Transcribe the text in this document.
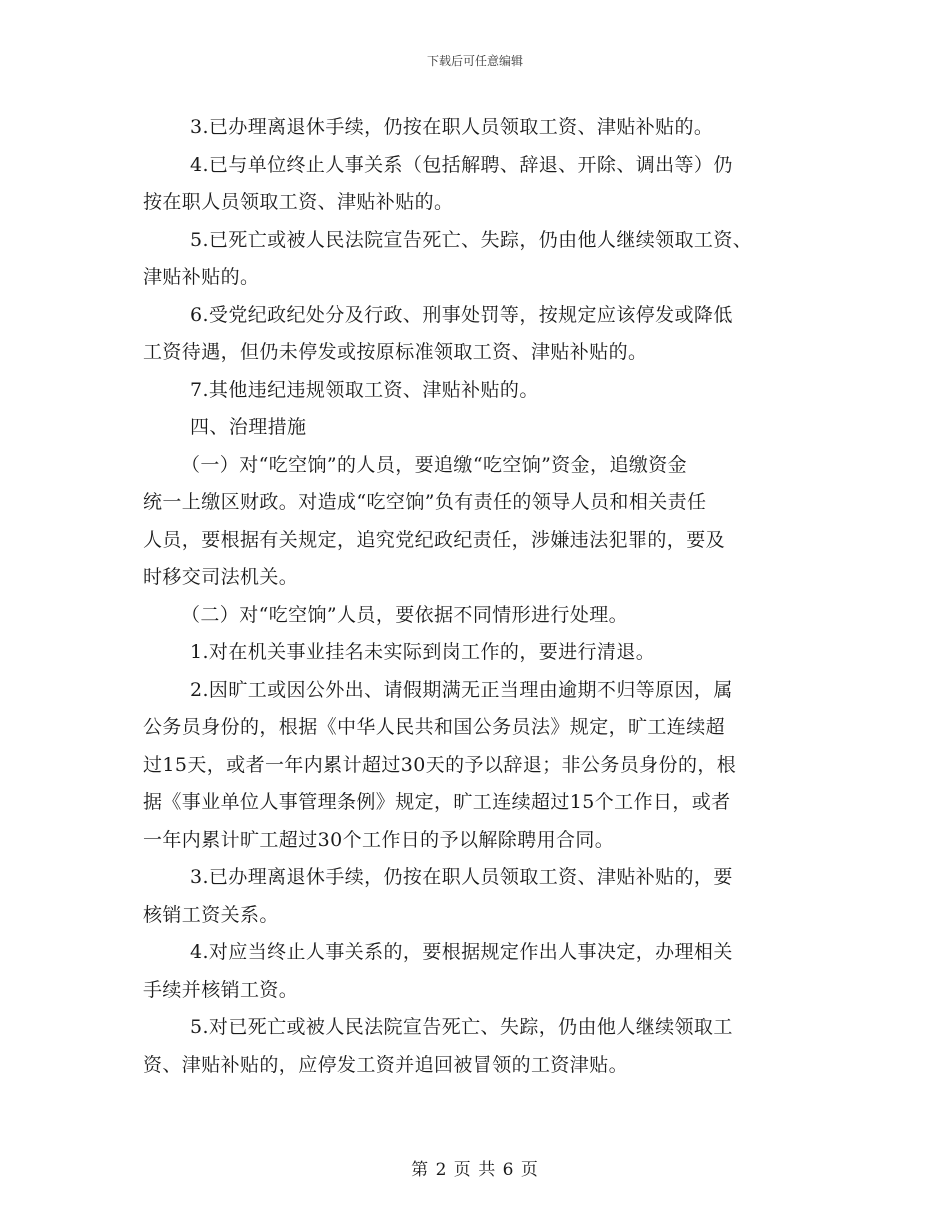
下载后可任意编辑

3.已办理离退休手续，仍按在职人员领取工资、津贴补贴的。

4.已与单位终止人事关系（包括解聘、辞退、开除、调出等）仍

按在职人员领取工资、津贴补贴的。

5.已死亡或被人民法院宣告死亡、失踪，仍由他人继续领取工资、

津贴补贴的。

6.受党纪政纪处分及行政、刑事处罚等，按规定应该停发或降低

工资待遇，但仍未停发或按原标准领取工资、津贴补贴的。

7.其他违纪违规领取工资、津贴补贴的。

四、治理措施

（一）对“吃空饷”的人员，要追缴“吃空饷”资金，追缴资金

统一上缴区财政。对造成“吃空饷”负有责任的领导人员和相关责任

人员，要根据有关规定，追究党纪政纪责任，涉嫌违法犯罪的，要及

时移交司法机关。

（二）对“吃空饷”人员，要依据不同情形进行处理。

1.对在机关事业挂名未实际到岗工作的，要进行清退。

2.因旷工或因公外出、请假期满无正当理由逾期不归等原因，属

公务员身份的，根据《中华人民共和国公务员法》规定，旷工连续超

过15天，或者一年内累计超过30天的予以辞退；非公务员身份的，根

据《事业单位人事管理条例》规定，旷工连续超过15个工作日，或者

一年内累计旷工超过30个工作日的予以解除聘用合同。

3.已办理离退休手续，仍按在职人员领取工资、津贴补贴的，要

核销工资关系。

4.对应当终止人事关系的，要根据规定作出人事决定，办理相关

手续并核销工资。

5.对已死亡或被人民法院宣告死亡、失踪，仍由他人继续领取工

资、津贴补贴的，应停发工资并追回被冒领的工资津贴。

第 2 页 共 6 页
